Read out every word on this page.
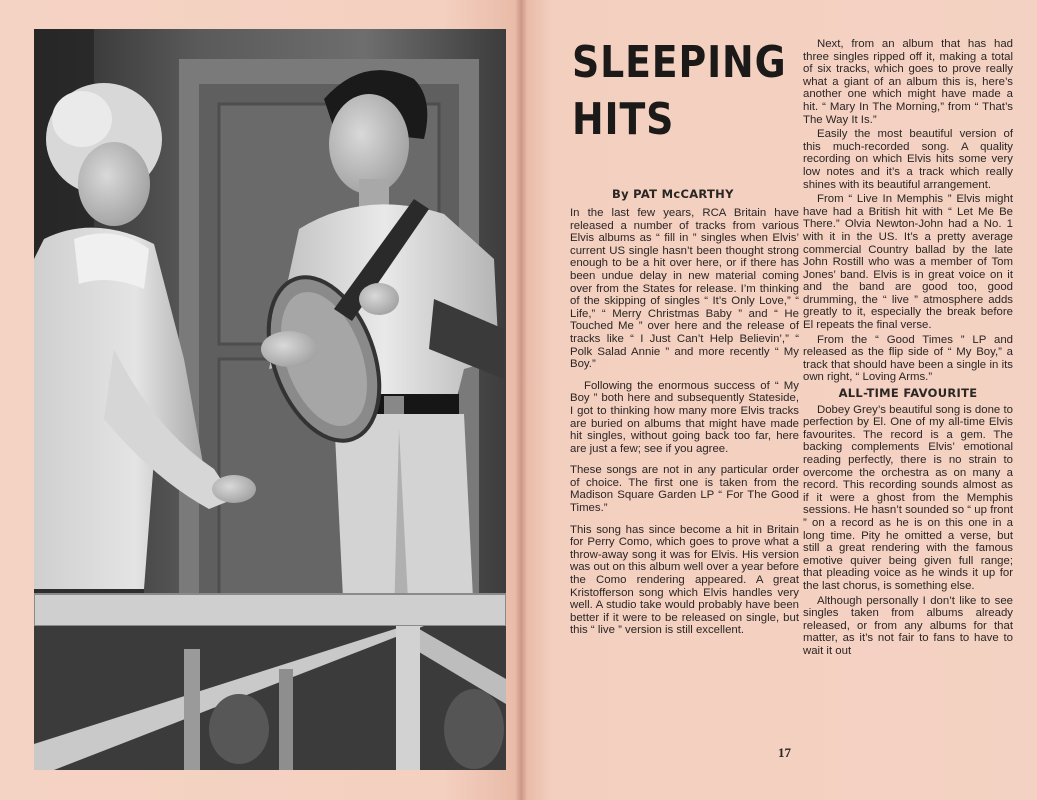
SLEEPING
HITS
By PAT McCARTHY

In the last few years, RCA Britain have released a number of tracks from various Elvis albums as “ fill in ” singles when Elvis’ current US single hasn’t been thought strong enough to be a hit over here, or if there has been undue delay in new material coming over from the States for release. I’m thinking of the skipping of singles “ It’s Only Love,” “ Life,” “ Merry Christmas Baby ” and “ He Touched Me ” over here and the release of tracks like “ I Just Can’t Help Believin’,” “ Polk Salad Annie ” and more recently “ My Boy.”

Following the enormous success of “ My Boy ” both here and subsequently Stateside, I got to thinking how many more Elvis tracks are buried on albums that might have made hit singles, without going back too far, here are just a few; see if you agree.

These songs are not in any particular order of choice. The first one is taken from the Madison Square Garden LP “ For The Good Times.”

This song has since become a hit in Britain for Perry Como, which goes to prove what a throw-away song it was for Elvis. His version was out on this album well over a year before the Como rendering appeared. A great Kristofferson song which Elvis handles very well. A studio take would probably have been better if it were to be released on single, but this “ live ” version is still excellent.

Next, from an album that has had three singles ripped off it, making a total of six tracks, which goes to prove really what a giant of an album this is, here’s another one which might have made a hit. “ Mary In The Morning,” from “ That’s The Way It Is.”

Easily the most beautiful version of this much-recorded song. A quality recording on which Elvis hits some very low notes and it’s a track which really shines with its beautiful arrangement.

From “ Live In Memphis ” Elvis might have had a British hit with “ Let Me Be There.” Olvia Newton-John had a No. 1 with it in the US. It’s a pretty average commercial Country ballad by the late John Rostill who was a member of Tom Jones’ band. Elvis is in great voice on it and the band are good too, good drumming, the “ live ” atmosphere adds greatly to it, especially the break before El repeats the final verse.

From the “ Good Times ” LP and released as the flip side of “ My Boy,” a track that should have been a single in its own right, “ Loving Arms.”

ALL-TIME FAVOURITE

Dobey Grey’s beautiful song is done to perfection by El. One of my all-time Elvis favourites. The record is a gem. The backing complements Elvis’ emotional reading perfectly, there is no strain to overcome the orchestra as on many a record. This recording sounds almost as if it were a ghost from the Memphis sessions. He hasn’t sounded so “ up front ” on a record as he is on this one in a long time. Pity he omitted a verse, but still a great rendering with the famous emotive quiver being given full range; that pleading voice as he winds it up for the last chorus, is something else.

Although personally I don’t like to see singles taken from albums already released, or from any albums for that matter, as it’s not fair to fans to have to wait it out

17
